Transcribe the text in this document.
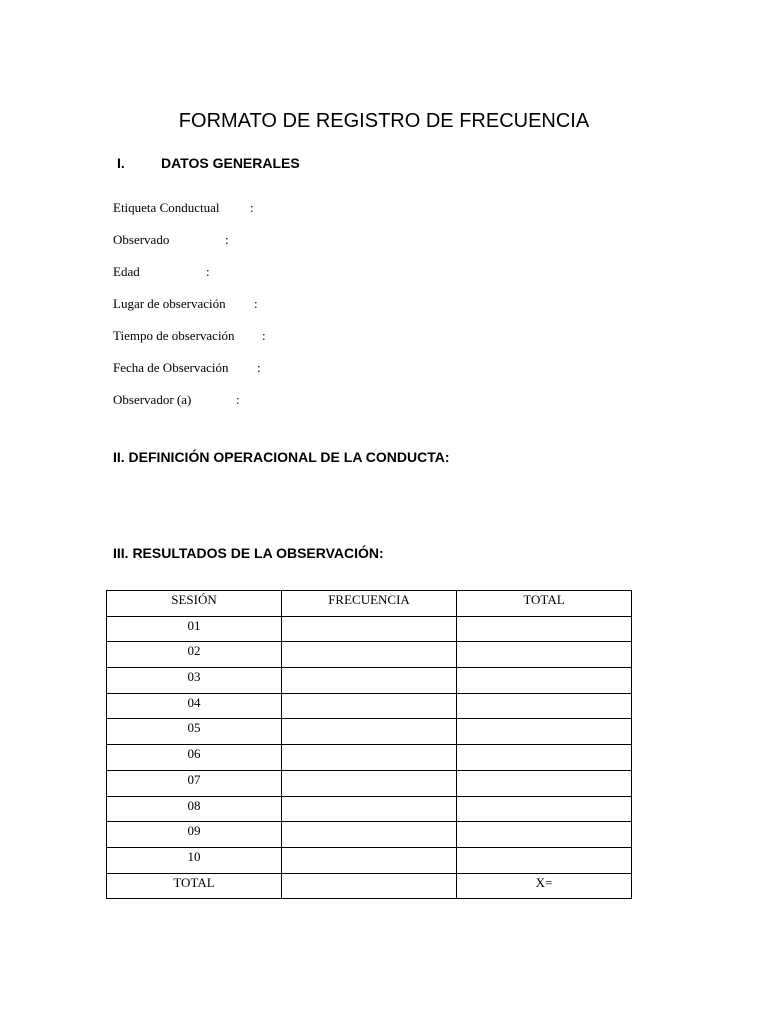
FORMATO DE REGISTRO DE FRECUENCIA
I.	DATOS GENERALES
Etiqueta Conductual :
Observado	:
Edad	:
Lugar de observación :
Tiempo de observación :
Fecha de Observación :
Observador (a)	:
II. DEFINICIÓN OPERACIONAL DE LA CONDUCTA:
III. RESULTADOS DE LA OBSERVACIÓN:
SESIÓN	FRECUENCIA	TOTAL
01		
02		
03		
04		
05		
06		
07		
08		
09		
10		
TOTAL		X=
